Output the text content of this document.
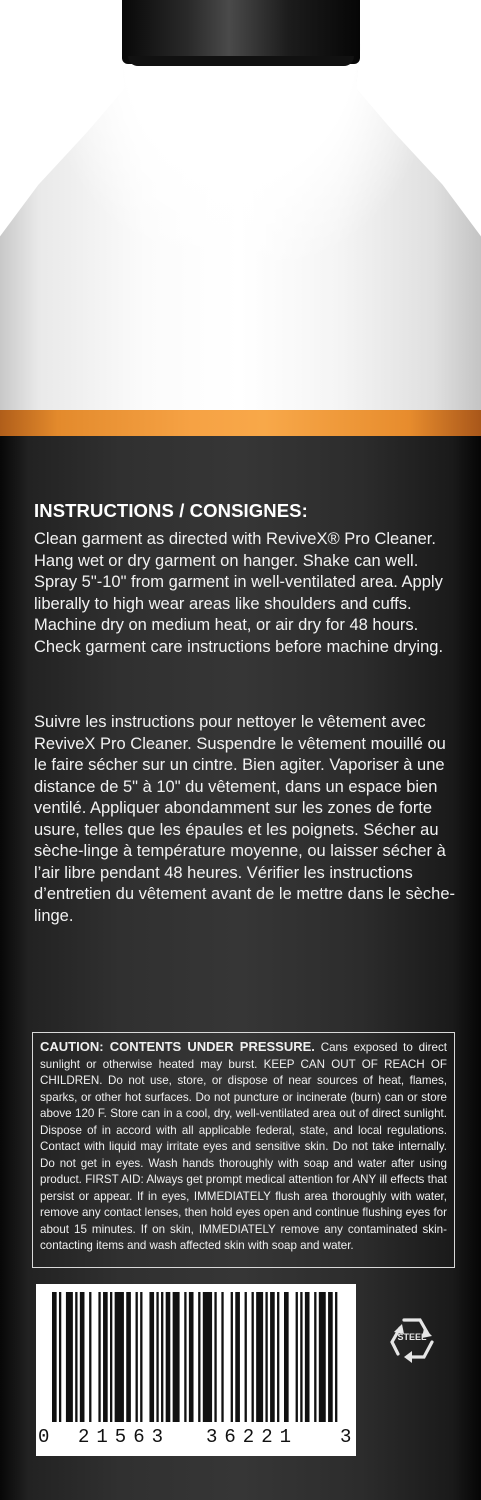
INSTRUCTIONS / CONSIGNES:
Clean garment as directed with ReviveX® Pro Cleaner. Hang wet or dry garment on hanger. Shake can well. Spray 5"-10" from garment in well-ventilated area. Apply liberally to high wear areas like shoulders and cuffs. Machine dry on medium heat, or air dry for 48 hours. Check garment care instructions before machine drying.
Suivre les instructions pour nettoyer le vêtement avec ReviveX Pro Cleaner. Suspendre le vêtement mouillé ou le faire sécher sur un cintre. Bien agiter. Vaporiser à une distance de 5" à 10" du vêtement, dans un espace bien ventilé. Appliquer abondamment sur les zones de forte usure, telles que les épaules et les poignets. Sécher au sèche-linge à température moyenne, ou laisser sécher à l’air libre pendant 48 heures. Vérifier les instructions d’entretien du vêtement avant de le mettre dans le sèche-linge.
CAUTION: CONTENTS UNDER PRESSURE. Cans exposed to direct sunlight or otherwise heated may burst. KEEP CAN OUT OF REACH OF CHILDREN. Do not use, store, or dispose of near sources of heat, flames, sparks, or other hot surfaces. Do not puncture or incinerate (burn) can or store above 120 F. Store can in a cool, dry, well-ventilated area out of direct sunlight. Dispose of in accord with all applicable federal, state, and local regulations. Contact with liquid may irritate eyes and sensitive skin. Do not take internally. Do not get in eyes. Wash hands thoroughly with soap and water after using product. FIRST AID: Always get prompt medical attention for ANY ill effects that persist or appear. If in eyes, IMMEDIATELY flush area thoroughly with water, remove any contact lenses, then hold eyes open and continue flushing eyes for about 15 minutes. If on skin, IMMEDIATELY remove any contaminated skin-contacting items and wash affected skin with soap and water.
0 21563 36221 3
STEEL
